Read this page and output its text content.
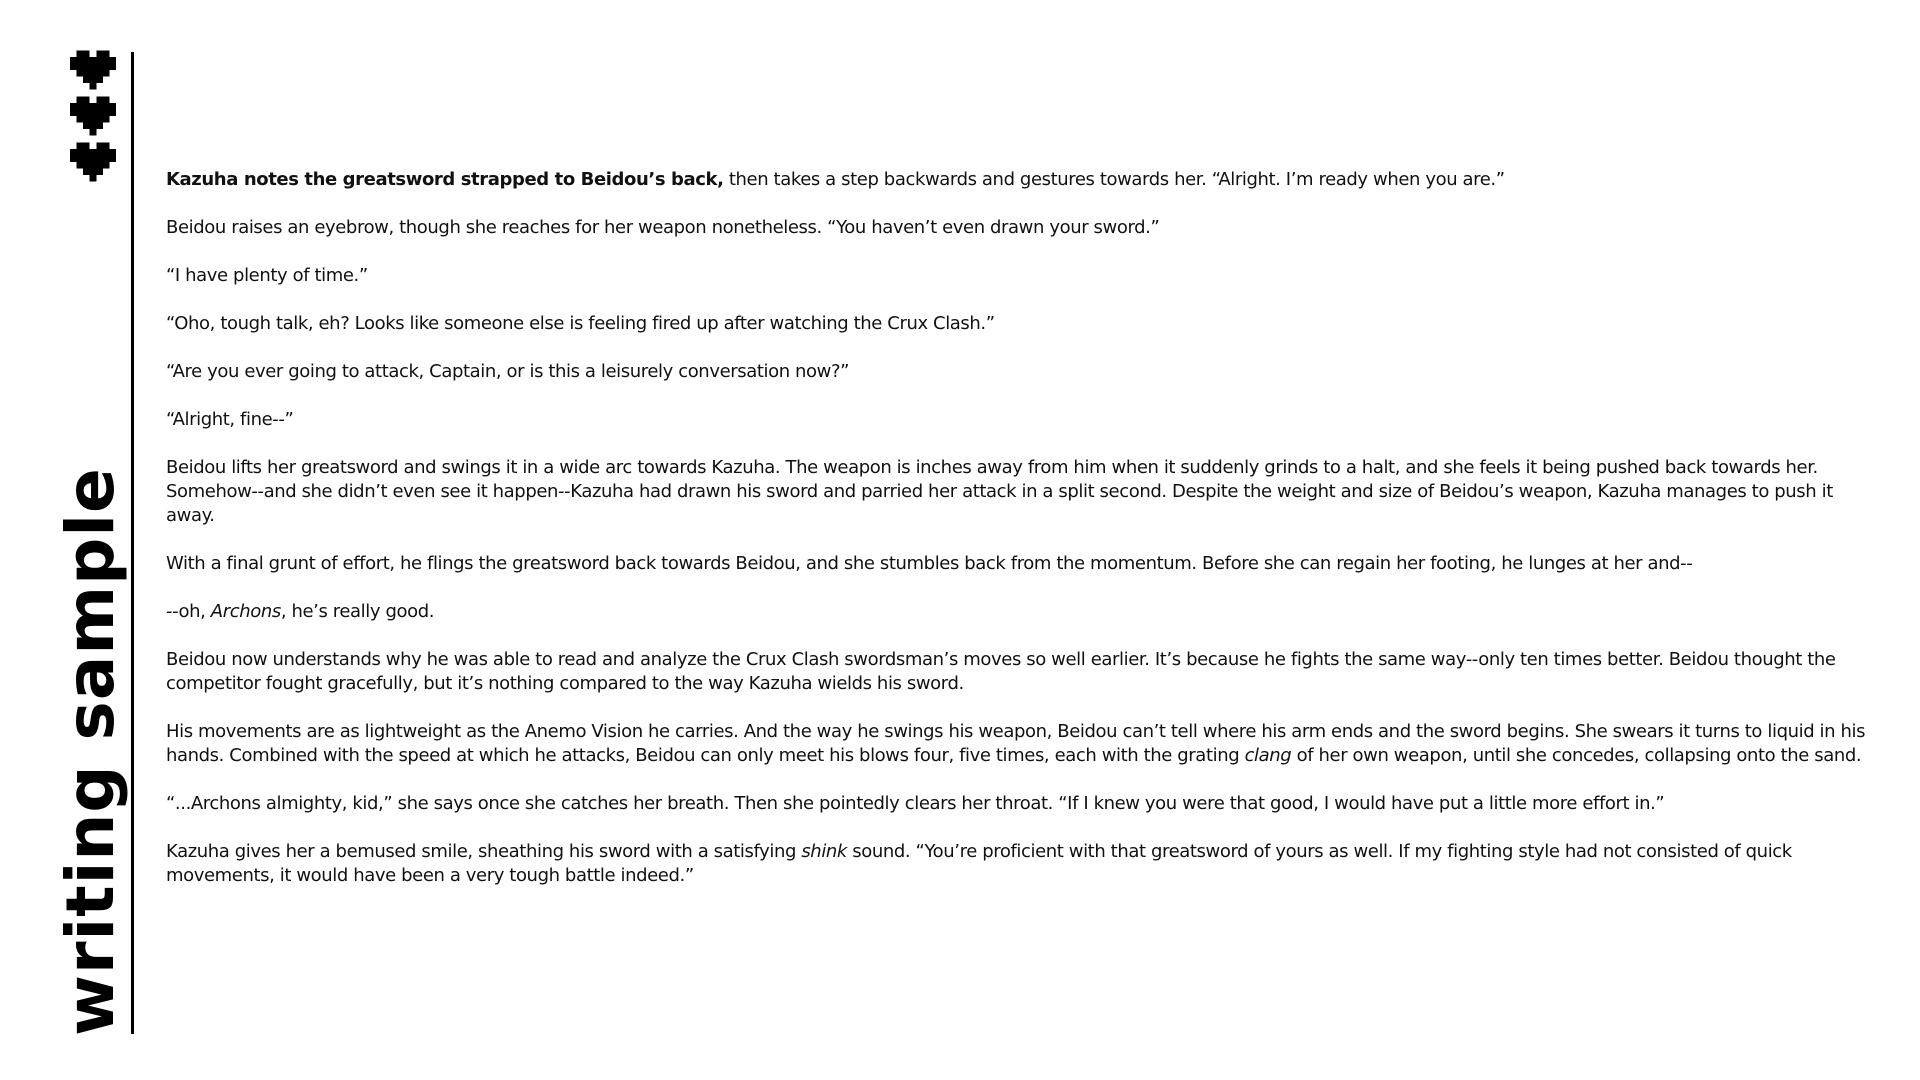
writing sample

Kazuha notes the greatsword strapped to Beidou’s back, then takes a step backwards and gestures towards her. “Alright. I’m ready when you are.”

Beidou raises an eyebrow, though she reaches for her weapon nonetheless. “You haven’t even drawn your sword.”

“I have plenty of time.”

“Oho, tough talk, eh? Looks like someone else is feeling fired up after watching the Crux Clash.”

“Are you ever going to attack, Captain, or is this a leisurely conversation now?”

“Alright, fine--”

Beidou lifts her greatsword and swings it in a wide arc towards Kazuha. The weapon is inches away from him when it suddenly grinds to a halt, and she feels it being pushed back towards her. Somehow--and she didn’t even see it happen--Kazuha had drawn his sword and parried her attack in a split second. Despite the weight and size of Beidou’s weapon, Kazuha manages to push it away.

With a final grunt of effort, he flings the greatsword back towards Beidou, and she stumbles back from the momentum. Before she can regain her footing, he lunges at her and--

--oh, Archons, he’s really good.

Beidou now understands why he was able to read and analyze the Crux Clash swordsman’s moves so well earlier. It’s because he fights the same way--only ten times better. Beidou thought the competitor fought gracefully, but it’s nothing compared to the way Kazuha wields his sword.

His movements are as lightweight as the Anemo Vision he carries. And the way he swings his weapon, Beidou can’t tell where his arm ends and the sword begins. She swears it turns to liquid in his hands. Combined with the speed at which he attacks, Beidou can only meet his blows four, five times, each with the grating clang of her own weapon, until she concedes, collapsing onto the sand.

“...Archons almighty, kid,” she says once she catches her breath. Then she pointedly clears her throat. “If I knew you were that good, I would have put a little more effort in.”

Kazuha gives her a bemused smile, sheathing his sword with a satisfying shink sound. “You’re proficient with that greatsword of yours as well. If my fighting style had not consisted of quick movements, it would have been a very tough battle indeed.”
